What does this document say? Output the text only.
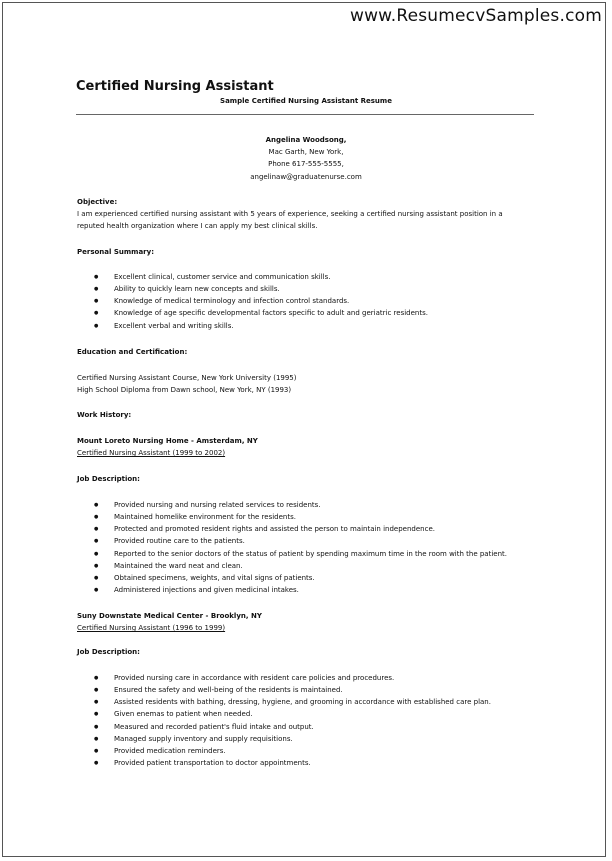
www.ResumecvSamples.com
Certified Nursing Assistant
Sample Certified Nursing Assistant Resume
Angelina Woodsong,
Mac Garth, New York,
Phone 617-555-5555,
angelinaw@graduatenurse.com
Objective:
I am experienced certified nursing assistant with 5 years of experience, seeking a certified nursing assistant position in a reputed health organization where I can apply my best clinical skills.
Personal Summary:
● Excellent clinical, customer service and communication skills.
● Ability to quickly learn new concepts and skills.
● Knowledge of medical terminology and infection control standards.
● Knowledge of age specific developmental factors specific to adult and geriatric residents.
● Excellent verbal and writing skills.
Education and Certification:
Certified Nursing Assistant Course, New York University (1995)
High School Diploma from Dawn school, New York, NY (1993)
Work History:
Mount Loreto Nursing Home - Amsterdam, NY
Certified Nursing Assistant (1999 to 2002)
Job Description:
● Provided nursing and nursing related services to residents.
● Maintained homelike environment for the residents.
● Protected and promoted resident rights and assisted the person to maintain independence.
● Provided routine care to the patients.
● Reported to the senior doctors of the status of patient by spending maximum time in the room with the patient.
● Maintained the ward neat and clean.
● Obtained specimens, weights, and vital signs of patients.
● Administered injections and given medicinal intakes.
Suny Downstate Medical Center - Brooklyn, NY
Certified Nursing Assistant (1996 to 1999)
Job Description:
● Provided nursing care in accordance with resident care policies and procedures.
● Ensured the safety and well-being of the residents is maintained.
● Assisted residents with bathing, dressing, hygiene, and grooming in accordance with established care plan.
● Given enemas to patient when needed.
● Measured and recorded patient's fluid intake and output.
● Managed supply inventory and supply requisitions.
● Provided medication reminders.
● Provided patient transportation to doctor appointments.
